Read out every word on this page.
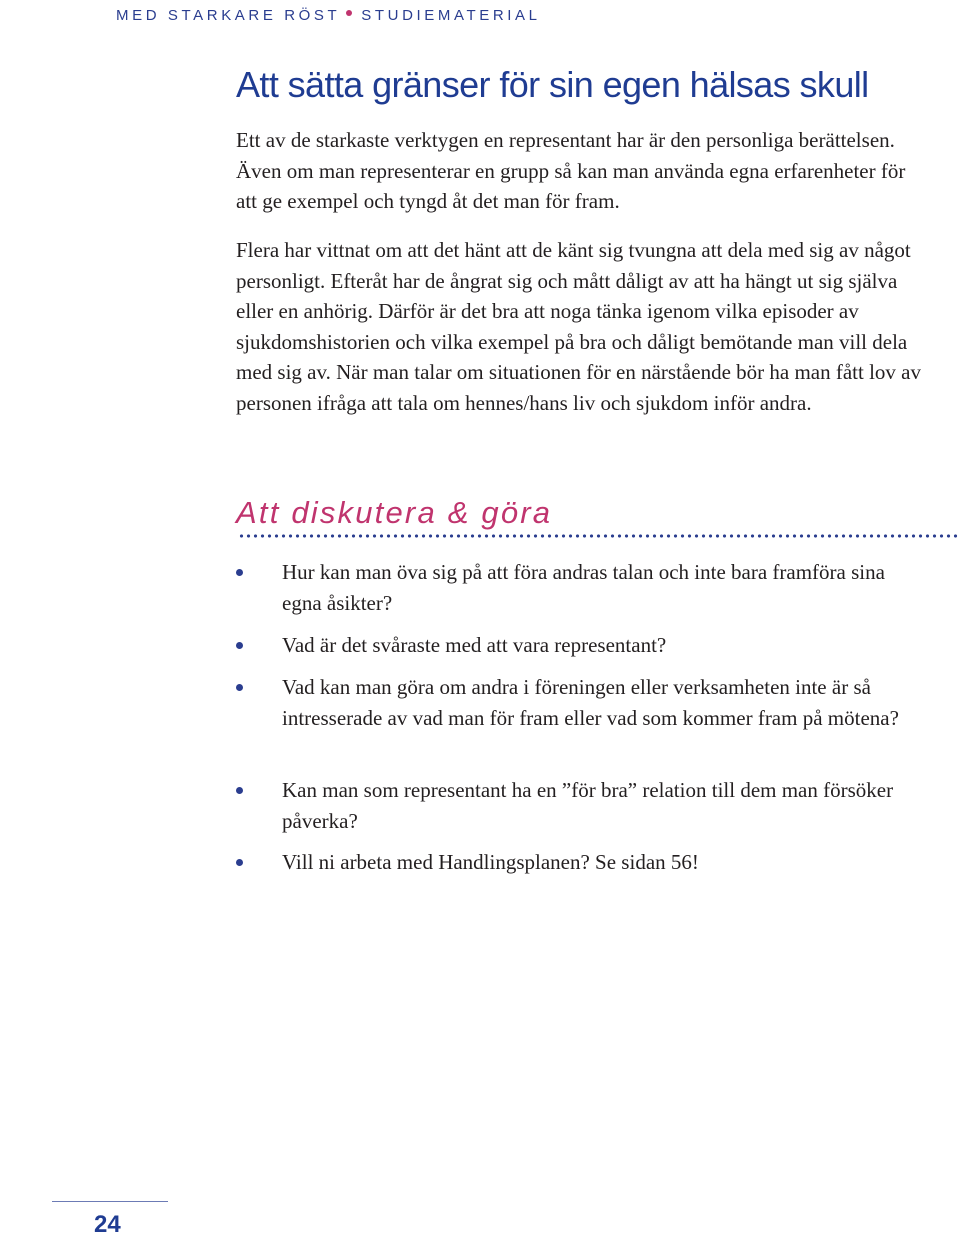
MED STARKARE RÖST STUDIEMATERIAL
Att sätta gränser för sin egen hälsas skull

Ett av de starkaste verktygen en representant har är den personliga berättelsen. Även om man representerar en grupp så kan man använda egna erfarenheter för att ge exempel och tyngd åt det man för fram.

Flera har vittnat om att det hänt att de känt sig tvungna att dela med sig av något personligt. Efteråt har de ångrat sig och mått dåligt av att ha hängt ut sig själva eller en anhörig. Därför är det bra att noga tänka igenom vilka episoder av sjukdomshistorien och vilka exempel på bra och dåligt bemötande man vill dela med sig av. När man talar om situationen för en närstående bör ha man fått lov av personen ifråga att tala om hennes/hans liv och sjukdom inför andra.

Att diskutera & göra
Hur kan man öva sig på att föra andras talan och inte bara framföra sina egna åsikter?
Vad är det svåraste med att vara representant?
Vad kan man göra om andra i föreningen eller verksamheten inte är så intresserade av vad man för fram eller vad som kommer fram på mötena?
Kan man som representant ha en ”för bra” relation till dem man försöker påverka?
Vill ni arbeta med Handlingsplanen? Se sidan 56!
24
